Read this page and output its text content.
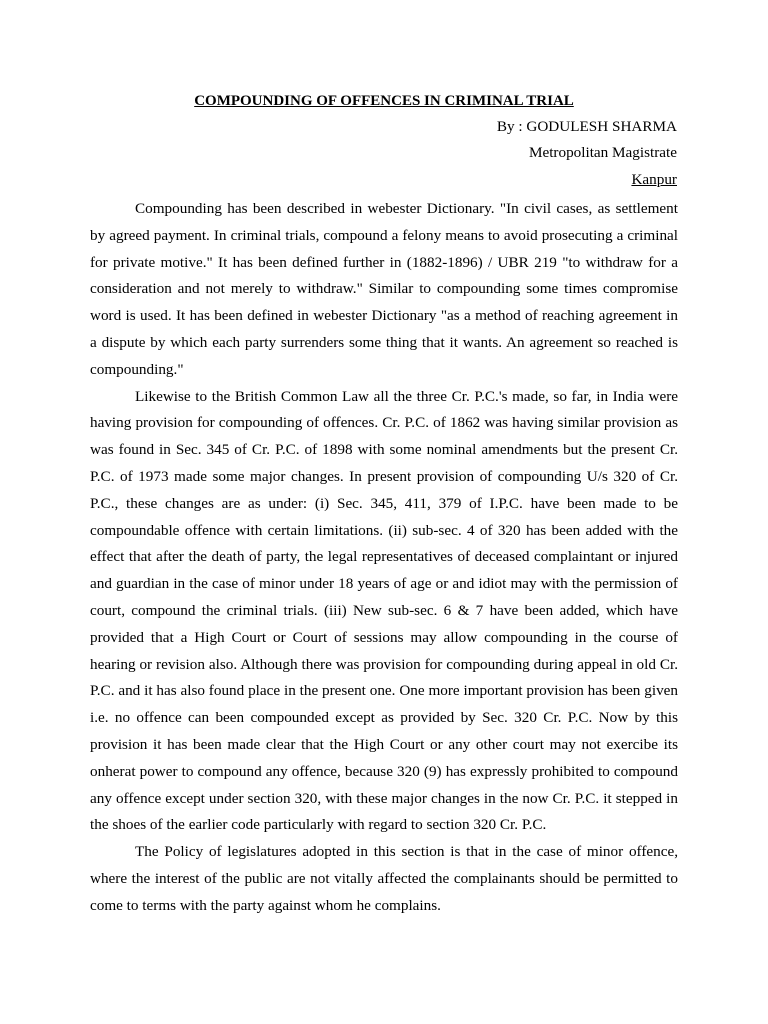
COMPOUNDING OF OFFENCES IN CRIMINAL TRIAL
By : GODULESH SHARMA
Metropolitan Magistrate
Kanpur

Compounding has been described in webester Dictionary. "In civil cases, as settlement by agreed payment. In criminal trials, compound a felony means to avoid prosecuting a criminal for private motive." It has been defined further in (1882-1896) / UBR 219 "to withdraw for a consideration and not merely to withdraw." Similar to compounding some times compromise word is used. It has been defined in webester Dictionary "as a method of reaching agreement in a dispute by which each party surrenders some thing that it wants. An agreement so reached is compounding."

Likewise to the British Common Law all the three Cr. P.C.'s made, so far, in India were having provision for compounding of offences. Cr. P.C. of 1862 was having similar provision as was found in Sec. 345 of Cr. P.C. of 1898 with some nominal amendments but the present Cr. P.C. of 1973 made some major changes. In present provision of compounding U/s 320 of Cr. P.C., these changes are as under: (i) Sec. 345, 411, 379 of I.P.C. have been made to be compoundable offence with certain limitations. (ii) sub-sec. 4 of 320 has been added with the effect that after the death of party, the legal representatives of deceased complaintant or injured and guardian in the case of minor under 18 years of age or and idiot may with the permission of court, compound the criminal trials. (iii) New sub-sec. 6 & 7 have been added, which have provided that a High Court or Court of sessions may allow compounding in the course of hearing or revision also. Although there was provision for compounding during appeal in old Cr. P.C. and it has also found place in the present one. One more important provision has been given i.e. no offence can been compounded except as provided by Sec. 320 Cr. P.C. Now by this provision it has been made clear that the High Court or any other court may not exercibe its onherat power to compound any offence, because 320 (9) has expressly prohibited to compound any offence except under section 320, with these major changes in the now Cr. P.C. it stepped in the shoes of the earlier code particularly with regard to section 320 Cr. P.C.

The Policy of legislatures adopted in this section is that in the case of minor offence, where the interest of the public are not vitally affected the complainants should be permitted to come to terms with the party against whom he complains.
